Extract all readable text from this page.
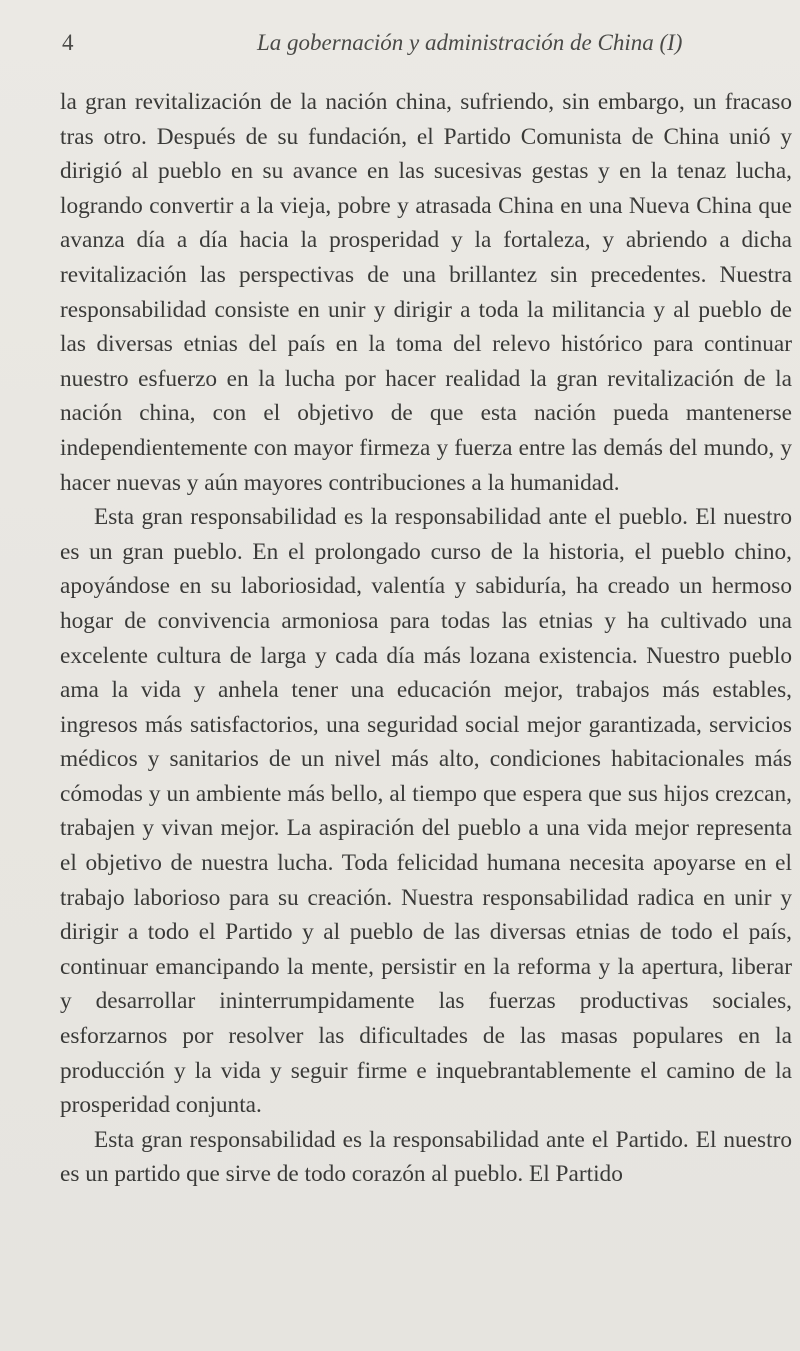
4	La gobernación y administración de China (I)

la gran revitalización de la nación china, sufriendo, sin embargo, un fracaso tras otro. Después de su fundación, el Partido Comunista de China unió y dirigió al pueblo en su avance en las sucesivas gestas y en la tenaz lucha, logrando convertir a la vieja, pobre y atrasada China en una Nueva China que avanza día a día hacia la prosperidad y la fortaleza, y abriendo a dicha revitalización las perspectivas de una brillantez sin precedentes. Nuestra responsabilidad consiste en unir y dirigir a toda la militancia y al pueblo de las diversas etnias del país en la toma del relevo histórico para continuar nuestro esfuerzo en la lucha por hacer realidad la gran revitalización de la nación china, con el objetivo de que esta nación pueda mantenerse independientemente con mayor firmeza y fuerza entre las demás del mundo, y hacer nuevas y aún mayores contribuciones a la humanidad.

Esta gran responsabilidad es la responsabilidad ante el pueblo. El nuestro es un gran pueblo. En el prolongado curso de la historia, el pueblo chino, apoyándose en su laboriosidad, valentía y sabiduría, ha creado un hermoso hogar de convivencia armoniosa para todas las etnias y ha cultivado una excelente cultura de larga y cada día más lozana existencia. Nuestro pueblo ama la vida y anhela tener una educación mejor, trabajos más estables, ingresos más satisfactorios, una seguridad social mejor garantizada, servicios médicos y sanitarios de un nivel más alto, condiciones habitacionales más cómodas y un ambiente más bello, al tiempo que espera que sus hijos crezcan, trabajen y vivan mejor. La aspiración del pueblo a una vida mejor representa el objetivo de nuestra lucha. Toda felicidad humana necesita apoyarse en el trabajo laborioso para su creación. Nuestra responsabilidad radica en unir y dirigir a todo el Partido y al pueblo de las diversas etnias de todo el país, continuar emancipando la mente, persistir en la reforma y la apertura, liberar y desarrollar ininterrumpidamente las fuerzas productivas sociales, esforzarnos por resolver las dificultades de las masas populares en la producción y la vida y seguir firme e inquebrantablemente el camino de la prosperidad conjunta.

Esta gran responsabilidad es la responsabilidad ante el Partido. El nuestro es un partido que sirve de todo corazón al pueblo. El Partido
